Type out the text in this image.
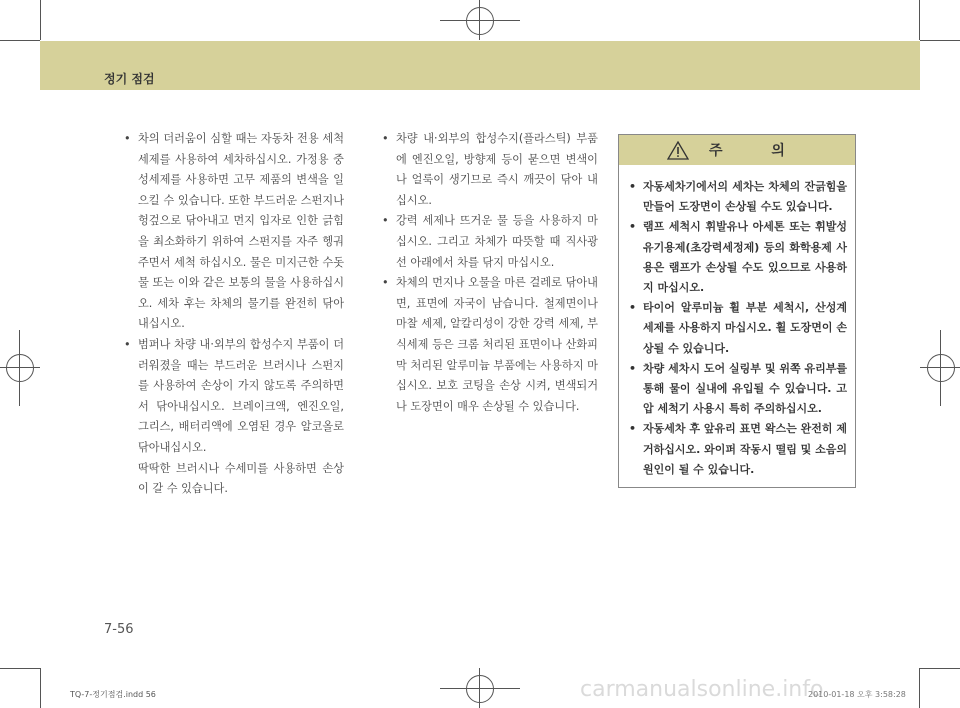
정기 점검
• 차의 더러움이 심할 때는 자동차 전용 세척세제를 사용하여 세차하십시오. 가정용 중성세제를 사용하면 고무 제품의 변색을 일으킬 수 있습니다. 또한 부드러운 스펀지나 헝겊으로 닦아내고 먼지 입자로 인한 긁힘을 최소화하기 위하여 스펀지를 자주 헹궈주면서 세척 하십시오. 물은 미지근한 수돗물 또는 이와 같은 보통의 물을 사용하십시오. 세차 후는 차체의 물기를 완전히 닦아내십시오.
• 범퍼나 차량 내·외부의 합성수지 부품이 더러워졌을 때는 부드러운 브러시나 스펀지를 사용하여 손상이 가지 않도록 주의하면서 닦아내십시오. 브레이크액, 엔진오일, 그리스, 배터리액에 오염된 경우 알코올로 닦아내십시오.
딱딱한 브러시나 수세미를 사용하면 손상이 갈 수 있습니다.
• 차량 내·외부의 합성수지(플라스틱) 부품에 엔진오일, 방향제 등이 묻으면 변색이나 얼룩이 생기므로 즉시 깨끗이 닦아 내십시오.
• 강력 세제나 뜨거운 물 등을 사용하지 마십시오. 그리고 차체가 따뜻할 때 직사광선 아래에서 차를 닦지 마십시오.
• 차체의 먼지나 오물을 마른 걸레로 닦아내면, 표면에 자국이 남습니다. 철제면이나 마찰 세제, 알칼리성이 강한 강력 세제, 부식세제 등은 크롬 처리된 표면이나 산화피막 처리된 알루미늄 부품에는 사용하지 마십시오. 보호 코팅을 손상 시켜, 변색되거나 도장면이 매우 손상될 수 있습니다.
주 의
• 자동세차기에서의 세차는 차체의 잔긁힘을 만들어 도장면이 손상될 수도 있습니다.
• 램프 세척시 휘발유나 아세톤 또는 휘발성 유기용제(초강력세정제) 등의 화학용제 사용은 램프가 손상될 수도 있으므로 사용하지 마십시오.
• 타이어 알루미늄 휠 부분 세척시, 산성계 세제를 사용하지 마십시오. 휠 도장면이 손상될 수 있습니다.
• 차량 세차시 도어 실링부 및 위쪽 유리부를 통해 물이 실내에 유입될 수 있습니다. 고압 세척기 사용시 특히 주의하십시오.
• 자동세차 후 앞유리 표면 왁스는 완전히 제거하십시오. 와이퍼 작동시 떨림 및 소음의 원인이 될 수 있습니다.
7-56
TQ-7-정기점검.indd 56	carmanualsonline.info
2010-01-18 오후 3:58:28
